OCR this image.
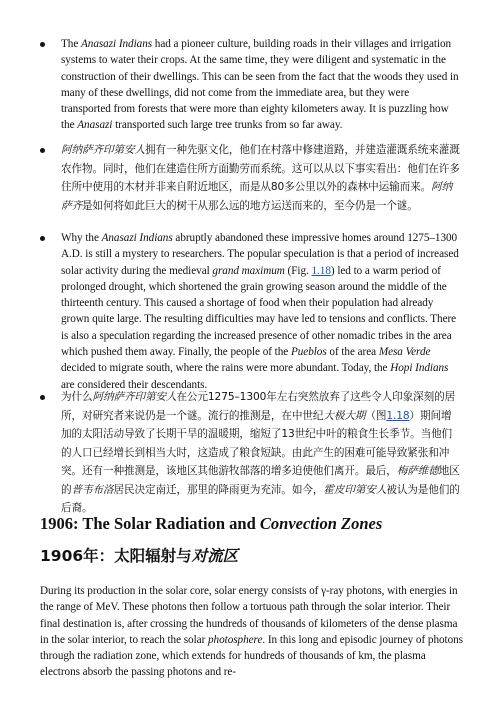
The Anasazi Indians had a pioneer culture, building roads in their villages and irrigation systems to water their crops. At the same time, they were diligent and systematic in the construction of their dwellings. This can be seen from the fact that the woods they used in many of these dwellings, did not come from the immediate area, but they were transported from forests that were more than eighty kilometers away. It is puzzling how the Anasazi transported such large tree trunks from so far away.

阿纳萨齐印第安人拥有一种先驱文化，他们在村落中修建道路，并建造灌溉系统来灌溉农作物。同时，他们在建造住所方面勤劳而系统。这可以从以下事实看出：他们在许多住所中使用的木材并非来自附近地区，而是从80多公里以外的森林中运输而来。阿纳萨齐是如何将如此巨大的树干从那么远的地方运送而来的，至今仍是一个谜。

Why the Anasazi Indians abruptly abandoned these impressive homes around 1275–1300 A.D. is still a mystery to researchers. The popular speculation is that a period of increased solar activity during the medieval grand maximum (Fig. 1.18) led to a warm period of prolonged drought, which shortened the grain growing season around the middle of the thirteenth century. This caused a shortage of food when their population had already grown quite large. The resulting difficulties may have led to tensions and conflicts. There is also a speculation regarding the increased presence of other nomadic tribes in the area which pushed them away. Finally, the people of the Pueblos of the area Mesa Verde decided to migrate south, where the rains were more abundant. Today, the Hopi Indians are considered their descendants.

为什么阿纳萨齐印第安人在公元1275–1300年左右突然放弃了这些令人印象深刻的居所，对研究者来说仍是一个谜。流行的推测是，在中世纪大极大期（图1.18）期间增加的太阳活动导致了长期干旱的温暖期，缩短了13世纪中叶的粮食生长季节。当他们的人口已经增长到相当大时，这造成了粮食短缺。由此产生的困难可能导致紧张和冲突。还有一种推测是，该地区其他游牧部落的增多迫使他们离开。最后，梅萨维德地区的普韦布洛居民决定南迁，那里的降雨更为充沛。如今，霍皮印第安人被认为是他们的后裔。

1906: The Solar Radiation and Convection Zones
1906年：太阳辐射与对流区

During its production in the solar core, solar energy consists of γ-ray photons, with energies in the range of MeV. These photons then follow a tortuous path through the solar interior. Their final destination is, after crossing the hundreds of thousands of kilometers of the dense plasma in the solar interior, to reach the solar photosphere. In this long and episodic journey of photons through the radiation zone, which extends for hundreds of thousands of km, the plasma electrons absorb the passing photons and re-
